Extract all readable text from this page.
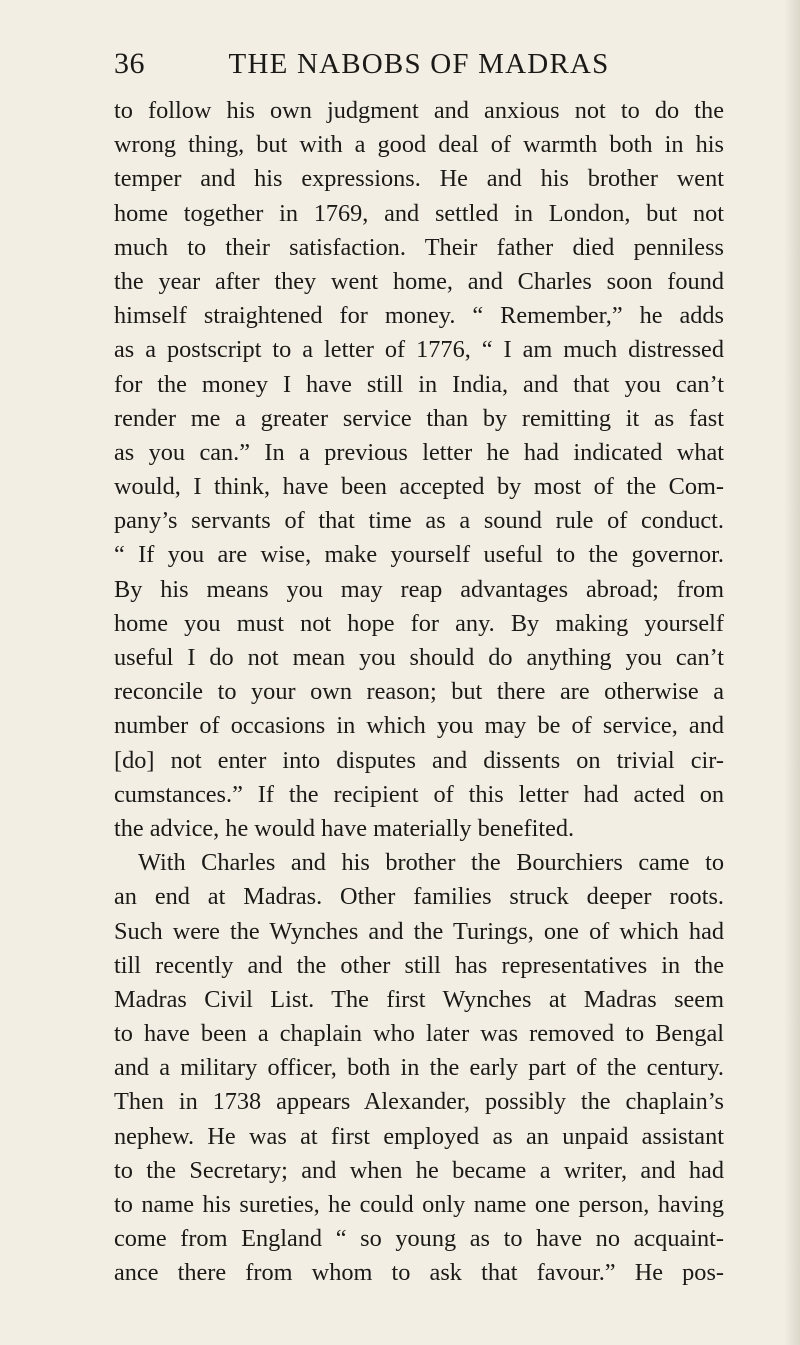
36	THE NABOBS OF MADRAS
to follow his own judgment and anxious not to do the
wrong thing, but with a good deal of warmth both in his
temper and his expressions. He and his brother went
home together in 1769, and settled in London, but not
much to their satisfaction. Their father died penniless
the year after they went home, and Charles soon found
himself straightened for money. “ Remember,” he adds
as a postscript to a letter of 1776, “ I am much distressed
for the money I have still in India, and that you can’t
render me a greater service than by remitting it as fast
as you can.” In a previous letter he had indicated what
would, I think, have been accepted by most of the Com-
pany’s servants of that time as a sound rule of conduct.
“ If you are wise, make yourself useful to the governor.
By his means you may reap advantages abroad; from
home you must not hope for any. By making yourself
useful I do not mean you should do anything you can’t
reconcile to your own reason; but there are otherwise a
number of occasions in which you may be of service, and
[do] not enter into disputes and dissents on trivial cir-
cumstances.” If the recipient of this letter had acted on
the advice, he would have materially benefited.
With Charles and his brother the Bourchiers came to
an end at Madras. Other families struck deeper roots.
Such were the Wynches and the Turings, one of which had
till recently and the other still has representatives in the
Madras Civil List. The first Wynches at Madras seem
to have been a chaplain who later was removed to Bengal
and a military officer, both in the early part of the century.
Then in 1738 appears Alexander, possibly the chaplain’s
nephew. He was at first employed as an unpaid assistant
to the Secretary; and when he became a writer, and had
to name his sureties, he could only name one person, having
come from England “ so young as to have no acquaint-
ance there from whom to ask that favour.” He pos-
